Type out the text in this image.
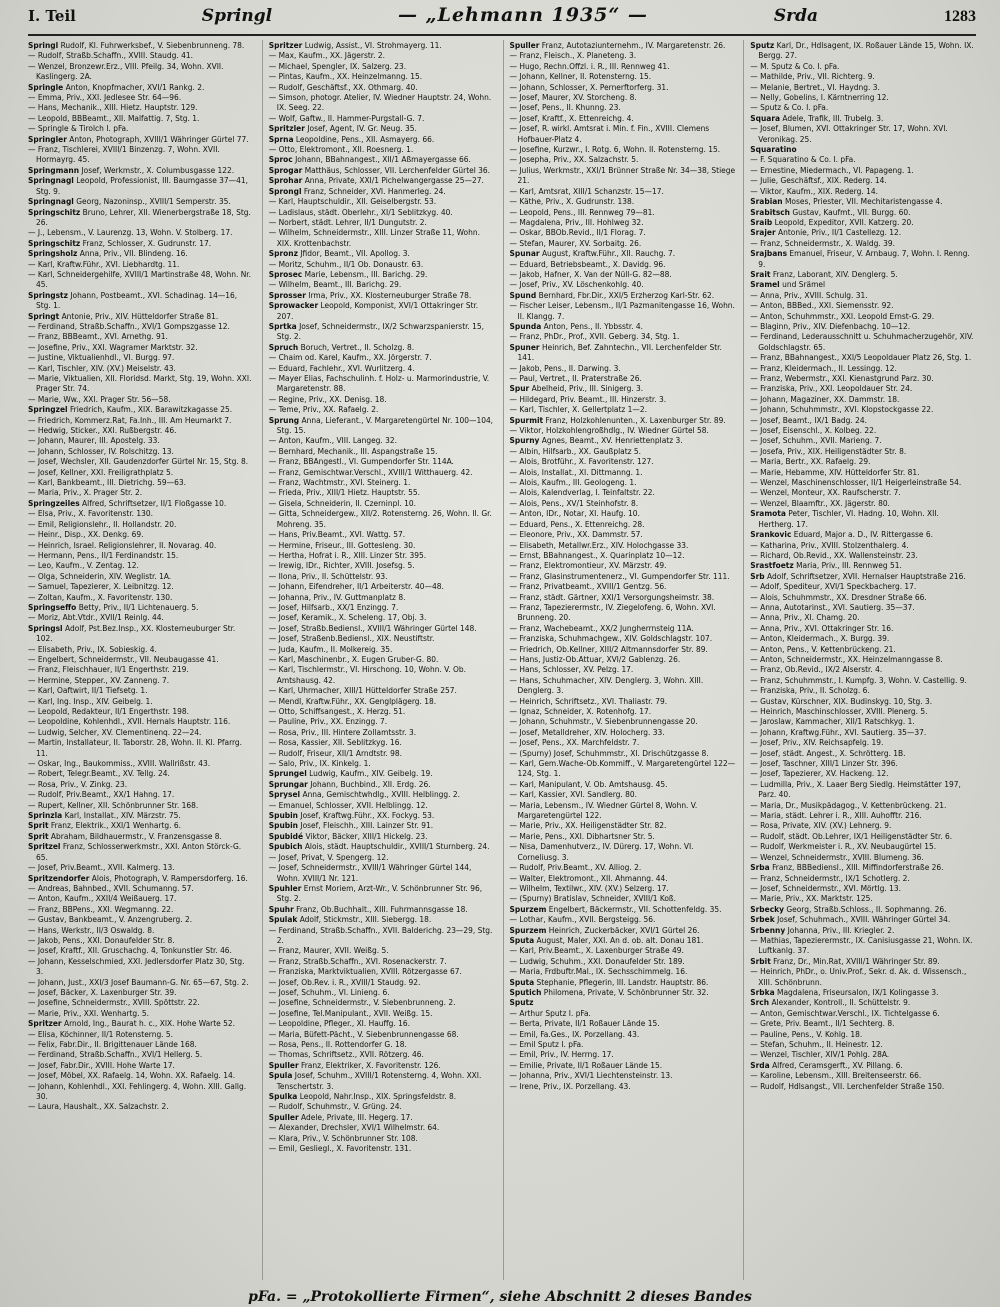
I. Teil	Springl	— „Lehmann 1935“ —	Srda	1283
Springl Rudolf, Kl. Fuhrwerksbef., V. Siebenbrunneng. 78.
— Rudolf, Straßb.Schaffn., XVIII. Staudg. 41.
— Wenzel, Bronzewr.Erz., VIII. Pfeilg. 34, Wohn. XVII. Kaslingerg. 2A.
Springle Anton, Knopfmacher, XVI/1 Rankg. 2.
— Emma, Priv., XXI. Jedlesee Str. 64—96.
— Hans, Mechanik., XIII. Hietz. Hauptstr. 129.
— Leopold, BBBeamt., XII. Malfattig. 7, Stg. 1.
— Springle & Tirolch I. pFa.
Springler Anton, Photograph, XVIII/1 Währinger Gürtel 77.
— Franz, Tischlerei, XVIII/1 Binzenzg. 7, Wohn. XVII. Hormayrg. 45.
Springmann Josef, Werkmstr., X. Columbusgasse 122.
Springnagl Leopold, Professionist, III. Baumgasse 37—41, Stg. 9.
Springnagl Georg, Nazoninsp., XVIII/1 Semperstr. 35.
Springschitz Bruno, Lehrer, XII. Wienerbergstraße 18, Stg. 26.
— J., Lebensm., V. Laurenzg. 13, Wohn. V. Stolberg. 17.
Springschitz Franz, Schlosser, X. Gudrunstr. 17.
Springsholz Anna, Priv., VII. Blindeng. 16.
— Karl, Kraftw.Führ., XVI. Liebhardtg. 11.
— Karl, Schneidergehilfe, XVIII/1 Martinstraße 48, Wohn. Nr. 45.
Springstz Johann, Postbeamt., XVI. Schadinag. 14—16, Stg. 1.
Springt Antonie, Priv., XIV. Hütteldorfer Straße 81.
— Ferdinand, Straßb.Schaffn., XVI/1 Gompszgasse 12.
— Franz, BBBeamt., XVI. Arnethg. 91.
— Josefine, Priv., XXI. Wagramer Marktstr. 32.
— Justine, Viktualienhdl., VI. Burgg. 97.
— Karl, Tischler, XIV. (XV.) Meiselstr. 43.
— Marie, Viktualien, XII. Floridsd. Markt, Stg. 19, Wohn. XXI. Prager Str. 74.
— Marie, Ww., XXI. Prager Str. 56—58.
Springzel Friedrich, Kaufm., XIX. Barawitzkagasse 25.
— Friedrich, Kommerz.Rat, Fa.Inh., III. Am Heumarkt 7.
— Hedwig, Sticker., XXI. Rußbergstr. 46.
— Johann, Maurer, III. Apostelg. 33.
— Johann, Schlosser, IV. Rolschitzg. 13.
— Josef, Wechsler, XII. Gaudenzdorfer Gürtel Nr. 15, Stg. 8.
— Josef, Kellner, XXI. Freiligrathplatz 5.
— Karl, Bankbeamt., III. Dietrichg. 59—63.
— Maria, Priv., X. Prager Str. 2.
Springzeiles Alfred, Schriftsetzer, II/1 Floßgasse 10.
— Elsa, Priv., X. Favoritenstr. 130.
— Emil, Religionslehr., II. Hollandstr. 20.
— Heinr., Disp., XX. Denkg. 69.
— Heinrich, Israel. Religionslehrer, II. Novarag. 40.
— Hermann, Pens., II/1 Ferdinandstr. 15.
— Leo, Kaufm., V. Zentag. 12.
— Olga, Schneiderin, XIV. Weglistr. 1A.
— Samuel, Tapezierer, X. Leibnitzg. 12.
— Zoltan, Kaufm., X. Favoritenstr. 130.
Springseffo Betty, Priv., II/1 Lichtenauerg. 5.
— Moriz, Abt.Vtdr., XVII/1 Reinlg. 44.
Springsl Adolf, Pst.Bez.Insp., XX. Klosterneuburger Str. 102.
— Elisabeth, Priv., IX. Sobieskig. 4.
— Engelbert, Schneidermstr., VII. Neubaugasse 41.
— Franz, Fleischhauer, II/1 Engerthstr. 219.
— Hermine, Stepper., XV. Zanneng. 7.
— Karl, Oaftwirt, II/1 Tiefsetg. 1.
— Karl, Ing. Insp., XIV. Geibelg. 1.
— Leopold, Redakteur, II/1 Engerthstr. 198.
— Leopoldine, Kohlenhdl., XVII. Hernals Hauptstr. 116.
— Ludwig, Selcher, XV. Clementinenq. 22—24.
— Martin, Installateur, II. Taborstr. 28, Wohn. II. Kl. Pfarrg. 11.
— Oskar, Ing., Baukommiss., XVIII. Wallrißstr. 43.
— Robert, Telegr.Beamt., XV. Tellg. 24.
— Rosa, Priv., V. Zinkg. 23.
— Rudolf, Priv.Beamt., XX/1 Hahng. 17.
— Rupert, Kellner, XII. Schönbrunner Str. 168.
Sprinzla Karl, Installat., XIV. Märzstr. 75.
Sprit Franz, Elektrik., XXI/1 Wenhartg. 6.
Sprit Abraham, Bildhauermstr., V. Franzensgasse 8.
Spritzel Franz, Schlosserwerkmstr., XXI. Anton Störck-G. 65.
— Josef, Priv.Beamt., XVII. Kalmerg. 13.
Spritzendorfer Alois, Photograph, V. Rampersdorferg. 16.
— Andreas, Bahnbed., XVII. Schumanng. 57.
— Anton, Kaufm., XXII/4 Weißauerg. 17.
— Franz, BBPens., XXI. Wegmanng. 22.
— Gustav, Bankbeamt., V. Anzengruberg. 2.
— Hans, Werkstr., II/3 Oswaldg. 8.
— Jakob, Pens., XXI. Donaufelder Str. 8.
— Josef, Kraftf., XII. Gruschachg. 4, Tonkunstler Str. 46.
— Johann, Kesselschmied, XXI. Jedlersdorfer Platz 30, Stg. 3.
— Johann, Just., XXI/3 Josef Baumann-G. Nr. 65—67, Stg. 2.
— Josef, Bäcker, X. Laxenburger Str. 39.
— Josefine, Schneidermstr., XVIII. Spöttstr. 22.
— Marie, Priv., XXI. Wenhartg. 5.
Spritzer Arnold, Ing., Baurat h. c., XIX. Hohe Warte 52.
— Elisa, Köchinner, II/1 Rotensterng. 5.
— Felix, Fabr.Dir., II. Brigittenauer Lände 168.
— Ferdinand, Straßb.Schaffn., XVI/1 Hellerg. 5.
— Josef, Fabr.Dir., XVIII. Hohe Warte 17.
— Josef, Möbel, XX. Rafaelg. 14, Wohn. XX. Rafaelg. 14.
— Johann, Kohlenhdl., XXI. Fehlingerg. 4, Wohn. XIII. Gallg. 30.
— Laura, Haushalt., XX. Salzachstr. 2.
Spritzer Ludwig, Assist., VI. Strohmayerg. 11.
— Max, Kaufm., XX. Jägerstr. 2.
— Michael, Spengler, IX. Salzerg. 23.
— Pintas, Kaufm., XX. Heinzelmanng. 15.
— Rudolf, Geschäftsf., XX. Othmarg. 40.
— Simson, photogr. Atelier, IV. Wiedner Hauptstr. 24, Wohn. IX. Seeg. 22.
— Wolf, Gaftw., II. Hammer-Purgstall-G. 7.
Spritzler Josef, Agent, IV. Gr. Neug. 35.
Sprna Leopoldine, Pens., XII. Asmayerg. 66.
— Otto, Elektromont., XII. Roesnerg. 1.
Sproc Johann, BBahnangest., XII/1 Aßmayergasse 66.
Sprogar Matthäus, Schlosser, VII. Lerchenfelder Gürtel 36.
Sprohar Anna, Private, XXI/1 Pichelwangergasse 25—27.
Sprongl Franz, Schneider, XVI. Hanmerleg. 24.
— Karl, Hauptschuldir., XII. Geiselbergstr. 53.
— Ladislaus, städt. Oberlehr., XI/1 Seblitzkyg. 40.
— Norbert, städt. Lehrer, II/1 Dungutstr. 2.
— Wilhelm, Schneidermstr., XIII. Linzer Straße 11, Wohn. XIX. Krottenbachstr.
Spronz Jfidor, Beamt., VII. Apollog. 3.
— Moritz, Schuhm., II/1 Ob. Donaustr. 63.
Sprosec Marie, Lebensm., III. Barichg. 29.
— Wilhelm, Beamt., III. Barichg. 29.
Sprosser Irma, Priv., XX. Klosterneuburger Straße 78.
Sprowacker Leopold, Komponist, XVI/1 Ottakringer Str. 207.
Sprtka Josef, Schneidermstr., IX/2 Schwarzspanierstr. 15, Stg. 2.
Spruch Boruch, Vertret., II. Scholzg. 8.
— Chaim od. Karel, Kaufm., XX. Jörgerstr. 7.
— Eduard, Fachlehr., XVI. Wurlitzerg. 4.
— Mayer Elias, Fachschulinh. f. Holz- u. Marmorindustrie, V. Margaretenstr. 88.
— Regine, Priv., XX. Denisg. 18.
— Teme, Priv., XX. Rafaelg. 2.
Sprung Anna, Lieferant., V. Margaretengürtel Nr. 100—104, Stg. 15.
— Anton, Kaufm., VIII. Langeg. 32.
— Bernhard, Mechanik., III. Aspangstraße 15.
— Franz, BBAngestl., VI. Gumpendorfer Str. 114A.
— Franz, Gemischtwar.Verschl., XVIII/1 Witthauerg. 42.
— Franz, Wachtmstr., XVI. Steinerg. 1.
— Frieda, Priv., XIII/1 Hietz. Hauptstr. 55.
— Gisela, Schneiderin, II. Czerninpl. 10.
— Gitta, Schneidergew., XII/2. Rotensterng. 26, Wohn. II. Gr. Mohreng. 35.
— Hans, Priv.Beamt., XVI. Wattg. 57.
— Hermine, Friseur., III. Gottesleng. 30.
— Hertha, Hofrat i. R., XIII. Linzer Str. 395.
— Irewig, IDr., Richter, XVIII. Josefsg. 5.
— Ilona, Priv., II. Schüttelstr. 93.
— Johann, Eifendreher, II/1 Arbeiterstr. 40—48.
— Johanna, Priv., IV. Guttmanplatz 8.
— Josef, Hilfsarb., XX/1 Enzingg. 7.
— Josef, Keramik., X. Scheleng. 17, Obj. 3.
— Josef, Straßb.Bediensl., XVIII/1 Währinger Gürtel 148.
— Josef, Straßenb.Bediensl., XIX. Neustiftstr.
— Juda, Kaufm., II. Molkereig. 35.
— Karl, Maschinenbr., X. Eugen Gruber-G. 80.
— Karl, Tischlermstr., VI. Hirschong. 10, Wohn. V. Ob. Amtshausg. 42.
— Karl, Uhrmacher, XIII/1 Hütteldorfer Straße 257.
— Mendl, Kraftw.Führ., XX. Genglplägerg. 18.
— Otto, Schiffsangest., X. Herzg. 51.
— Pauline, Priv., XX. Enzingg. 7.
— Rosa, Priv., III. Hintere Zollamtsstr. 3.
— Rosa, Kassier, XII. Seblitzkyg. 16.
— Rudolf, Friseur, XII/1 Arndtstr. 98.
— Salo, Priv., IX. Kinkelg. 1.
Sprungel Ludwig, Kaufm., XIV. Geibelg. 19.
Sprungar Johann, Buchbind., XII. Erdg. 26.
Sprysel Anna, Gemischtwhdlg., XVIII. Helblingg. 2.
— Emanuel, Schlosser, XVII. Helblingg. 12.
Spubin Josef, Kraftwg.Führ., XX. Fockyg. 53.
Spubin Josef, Fleischh., XIII. Lainzer Str. 91.
Spubidé Viktor, Bäcker, XIII/1 Hickelg. 23.
Spubich Alois, städt. Hauptschuldir., XVIII/1 Sturnberg. 24.
— Josef, Privat, V. Spengerg. 12.
— Josef, Schneidermstr., XVIII/1 Währinger Gürtel 144, Wohn. XVIII/1 Nr. 121.
Spuhler Ernst Moriem, Arzt-Wr., V. Schönbrunner Str. 96, Stg. 2.
Spuhr Franz, Ob.Buchhalt., XIII. Fuhrmannsgasse 18.
Spulak Adolf, Stickmstr., XIII. Siebergg. 18.
— Ferdinand, Straßb.Schaffn., XVII. Balderichg. 23—29, Stg. 2.
— Franz, Maurer, XVII. Weißg. 5.
— Franz, Straßb.Schaffn., XVI. Rosenackerstr. 7.
— Franziska, Marktviktualien, XVIII. Rötzergasse 67.
— Josef, Ob.Rev. i. R., XVIII/1 Staudg. 92.
— Josef, Schuhm., VI. Linieng. 6.
— Josefine, Schneidermstr., V. Siebenbrunneng. 2.
— Josefine, Tel.Manipulant., XVII. Weißg. 15.
— Leopoldine, Pfleger., XI. Hauffg. 16.
— Maria, Büfett-Pächt., V. Siebenbrunnengasse 68.
— Rosa, Pens., II. Rottendorfer G. 18.
— Thomas, Schriftsetz., XVII. Rötzerg. 46.
Spuller Franz, Elektriker, X. Favoritenstr. 126.
Spula Josef, Schuhm., XVIII/1 Rotensterng. 4, Wohn. XXI. Tenschertstr. 3.
Spulka Leopold, Nahr.Insp., XIX. Springsfeldstr. 8.
— Rudolf, Schuhmstr., V. Grüng. 24.
Spuller Adele, Private, III. Hegerg. 17.
— Alexander, Drechsler, XVI/1 Wilhelmstr. 64.
— Klara, Priv., V. Schönbrunner Str. 108.
— Emil, Gesliegl., X. Favoritenstr. 131.
Spuller Franz, Autotaziunternehm., IV. Margaretenstr. 26.
— Franz, Fleisch., X. Planeteng. 3.
— Hugo, Rechn.Offzl. i. R., III. Rennweg 41.
— Johann, Kellner, II. Rotensterng. 15.
— Johann, Schlosser, X. Pernerftorferg. 31.
— Josef, Maurer, XV. Storcheng. 8.
— Josef, Pens., II. Khunng. 23.
— Josef, Kraftf., X. Ettenreichg. 4.
— Josef, R. wirkl. Amtsrat i. Min. f. Fin., XVIII. Clemens Hofbauer-Platz 4.
— Josefine, Kurzwr., I. Rotg. 6, Wohn. II. Rotensterng. 15.
— Josepha, Priv., XX. Salzachstr. 5.
— Julius, Werkmstr., XXI/1 Brünner Straße Nr. 34—38, Stiege 21.
— Karl, Amtsrat, XIII/1 Schanzstr. 15—17.
— Käthe, Priv., X. Gudrunstr. 138.
— Leopold, Pens., III. Rennweg 79—81.
— Magdalena, Priv., III. Hohlweg 32.
— Oskar, BBOb.Revid., II/1 Florag. 7.
— Stefan, Maurer, XV. Sorbaitg. 26.
Spunar August, Kraftw.Führ., XII. Rauchg. 7.
— Eduard, Betriebsbeamt., X. Davidg. 96.
— Jakob, Hafner, X. Van der Nüll-G. 82—88.
— Josef, Priv., XV. Löschenkohlg. 40.
Spund Bernhard, Fbr.Dir., XXI/5 Erzherzog Karl-Str. 62.
— Fischer Leiser, Lebensm., II/1 Pazmanitengasse 16, Wohn. II. Klangg. 7.
Spunda Anton, Pens., II. Ybbsstr. 4.
— Franz, PhDr., Prof., XVII. Geberg. 34, Stg. 1.
Spuner Heinrich, Bef. Zahntechn., VII. Lerchenfelder Str. 141.
— Jakob, Pens., II. Darwing. 3.
— Paul, Vertret., II. Praterstraße 26.
Spur Abelheid, Priv., III. Sinigerg. 3.
— Hildegard, Priv. Beamt., III. Hinzerstr. 3.
— Karl, Tischler, X. Gellertplatz 1—2.
Spurmit Franz, Holzkohlenunten., X. Laxenburger Str. 89.
— Viktor, Holzkohlengroßhdlg., IV. Wiedner Gürtel 58.
Spurny Agnes, Beamt., XV. Henriettenplatz 3.
— Albin, Hilfsarb., XX. Gaußplatz 5.
— Alois, Brotführ., X. Favoritenstr. 127.
— Alois, Installat., XI. Dittmanng. 1.
— Alois, Kaufm., III. Geologeng. 1.
— Alois, Kalendverlag, I. Teinfaltstr. 22.
— Alois, Pens., XV/1 Steinhofstr. 8.
— Anton, IDr., Notar, XI. Haufg. 10.
— Eduard, Pens., X. Ettenreichg. 28.
— Eleonore, Priv., XX. Dammstr. 57.
— Elisabeth, Metallwr.Erz., XIV. Holochgasse 33.
— Ernst, BBahnangest., X. Quarinplatz 10—12.
— Franz, Elektromontieur, XV. Märzstr. 49.
— Franz, Glasinstrumentenerz., VI. Gumpendorfer Str. 111.
— Franz, Privatbeamt., XVIII/1 Gentzg. 56.
— Franz, städt. Gärtner, XXI/1 Versorgungsheimstr. 38.
— Franz, Tapezierermstr., IV. Ziegelofeng. 6, Wohn. XVI. Brunneng. 20.
— Franz, Wachebeamt., XX/2 Jungherrnsteig 11A.
— Franziska, Schuhmachgew., XIV. Goldschlagstr. 107.
— Friedrich, Ob.Kellner, XIII/2 Altmannsdorfer Str. 89.
— Hans, Justiz-Ob.Attuar, XVI/2 Gablenzg. 26.
— Hans, Schlosser, XV. Pelzg. 17.
— Hans, Schuhmacher, XIV. Denglerg. 3, Wohn. XIII. Denglerg. 3.
— Heinrich, Schriftsetz., XVI. Thaliastr. 79.
— Ignaz, Schneider, X. Rotenhofg. 17.
— Johann, Schuhmstr., V. Siebenbrunnengasse 20.
— Josef, Metalldreher, XIV. Holocherg. 33.
— Josef, Pens., XX. Marchfeldstr. 7.
— (Spurny) Josef, Schuhmmstr., XI. Drischützgasse 8.
— Karl, Gem.Wache-Ob.Kommiff., V. Margaretengürtel 122—124, Stg. 1.
— Karl, Manipulant, V. Ob. Amtshausg. 45.
— Karl, Kassier, XVI. Sandlerg. 80.
— Maria, Lebensm., IV. Wiedner Gürtel 8, Wohn. V. Margaretengürtel 122.
— Marie, Priv., XX. Heiligenstädter Str. 82.
— Marie, Pens., XXI. Dibhartsner Str. 5.
— Nisa, Damenhutverz., IV. Dürerg. 17, Wohn. VI. Corneliusg. 3.
— Rudolf, Priv.Beamt., XV. Alliog. 2.
— Walter, Elektromont., XII. Ahmanng. 44.
— Wilhelm, Textilwr., XIV. (XV.) Selzerg. 17.
— (Spurny) Bratislav, Schneider, XVIII/1 Koß.
Spurzem Engelbert, Bäckermstr., VII. Schottenfeldg. 35.
— Lothar, Kaufm., XVII. Bergsteigg. 56.
Spurzem Heinrich, Zuckerbäcker, XVI/1 Gürtel 26.
Sputa August, Maler, XXI. An d. ob. alt. Donau 181.
— Karl, Priv.Beamt., X. Laxenburger Straße 49.
— Ludwig, Schuhm., XXI. Donaufelder Str. 189.
— Maria, Frdbuftr.Mal., IX. Sechsschimmelg. 16.
Sputa Stephanie, Pflegerin, III. Landstr. Hauptstr. 86.
Sputich Philomena, Private, V. Schönbrunner Str. 32.
Sputz
— Arthur Sputz I. pFa.
— Berta, Private, II/1 Roßauer Lände 15.
— Emil, Fa.Ges., IX. Porzellang. 43.
— Emil Sputz I. pFa.
— Emil, Priv., IV. Herrng. 17.
— Emilie, Private, II/1 Roßauer Lände 15.
— Johanna, Priv., XVI/1 Liechtensteinstr. 13.
— Irene, Priv., IX. Porzellang. 43.
Sputz Karl, Dr., Hdlsagent, IX. Roßauer Lände 15, Wohn. IX. Bergg. 27.
— M. Sputz & Co. I. pFa.
— Mathilde, Priv., VII. Richterg. 9.
— Melanie, Bertret., VI. Haydng. 3.
— Nelly, Gobelins, I. Kärntnerring 12.
— Sputz & Co. I. pFa.
Squara Adele, Trafik, III. Trubelg. 3.
— Josef, Blumen, XVI. Ottakringer Str. 17, Wohn. XVI. Veronikag. 25.
Squaratino
— F. Squaratino & Co. I. pFa.
— Ernestine, Miedermach., VI. Papageng. 1.
— Julie, Geschäftsf., XIX. Rederg. 14.
— Viktor, Kaufm., XIX. Rederg. 14.
Srabian Moses, Priester, VII. Mechitaristengasse 4.
Srabitsch Gustav, Kaufmt., VII. Burgg. 60.
Sraib Leopold, Expeditor, XVII. Katzerg. 20.
Srajer Antonie, Priv., II/1 Castellezg. 12.
— Franz, Schneidermstr., X. Waldg. 39.
Srajbans Emanuel, Friseur, V. Arnbaug. 7, Wohn. I. Renng. 9.
Srait Franz, Laborant, XIV. Denglerg. 5.
Sramel und Srämel
— Anna, Priv., XVIII. Schulg. 31.
— Anton, BBBed., XXI. Siemensstr. 92.
— Anton, Schuhmmstr., XXI. Leopold Ernst-G. 29.
— Blaginn, Priv., XIV. Diefenbachg. 10—12.
— Ferdinand, Lederausschnitt u. Schuhmacherzugehör, XIV. Goldschlagstr. 65.
— Franz, BBahnangest., XXI/5 Leopoldauer Platz 26, Stg. 1.
— Franz, Kleidermach., II. Lessingg. 12.
— Franz, Webermstr., XXI. Kienastgrund Parz. 30.
— Franziska, Priv., XXI. Leopoldauer Str. 24.
— Johann, Magaziner, XX. Dammstr. 18.
— Johann, Schuhmmstr., XVI. Klopstockgasse 22.
— Josef, Beamt., IX/1 Badg. 24.
— Josef, Eisenschl., X. Kolbeg. 22.
— Josef, Schuhm., XVII. Marieng. 7.
— Josefa, Priv., XIX. Heiligenstädter Str. 8.
— Maria, Bertr., XX. Rafaelg. 29.
— Marie, Hebamme, XIV. Hütteldorfer Str. 81.
— Wenzel, Maschinenschlosser, II/1 Heigerleinstraße 54.
— Wenzel, Monteur, XX. Raufscherstr. 7.
— Wenzel, Blaamftr., XX. Jägerstr. 80.
Sramota Peter, Tischler, VI. Hadng. 10, Wohn. XII. Hertherg. 17.
Srankovic Eduard, Major a. D., IV. Rittergasse 6.
— Katharina, Priv., XVIII. Stolzenthalerg. 4.
— Richard, Ob.Revid., XX. Wallensteinstr. 23.
Srastfoetz Maria, Priv., III. Rennweg 51.
Srb Adolf, Schriftsetzer, XVII. Hernalser Hauptstraße 216.
— Adolf, Spediteur, XVI/1 Speckbacherg. 17.
— Alois, Schuhmmstr., XX. Dresdner Straße 66.
— Anna, Autotarinst., XVI. Sautierg. 35—37.
— Anna, Priv., XI. Chamg. 20.
— Anna, Priv., XVI. Ottakringer Str. 16.
— Anton, Kleidermach., X. Burgg. 39.
— Anton, Pens., V. Kettenbrückeng. 21.
— Anton, Schneidermstr., XX. Heinzelmanngasse 8.
— Franz, Ob.Revid., IX/2 Alserstr. 4.
— Franz, Schuhmmstr., I. Kumpfg. 3, Wohn. V. Castellig. 9.
— Franziska, Priv., II. Scholzg. 6.
— Gustav, Kürschner, XIX. Budinskyg. 10, Stg. 3.
— Heinrich, Maschinschlosser, XVIII. Plenerg. 5.
— Jaroslaw, Kammacher, XII/1 Ratschkyg. 1.
— Johann, Kraftwg.Führ., XVI. Sautierg. 35—37.
— Josef, Priv., XIV. Reichsapfelg. 19.
— Josef, städt. Angest., X. Schrötterg. 1B.
— Josef, Taschner, XIII/1 Linzer Str. 396.
— Josef, Tapezierer, XV. Hackeng. 12.
— Ludmilla, Priv., X. Laaer Berg Siedlg. Heimstätter 197, Parz. 40.
— Maria, Dr., Musikpädagog., V. Kettenbrückeng. 21.
— Maria, städt. Lehrer i. R., XIII. Auhofftr. 216.
— Rosa, Private, XIV. (XV.) Lehnerg. 9.
— Rudolf, städt. Ob.Lehrer, IX/1 Heiligenstädter Str. 6.
— Rudolf, Werkmeister i. R., XV. Neubaugürtel 15.
— Wenzel, Schneidermstr., XVIII. Blumeng. 36.
Srba Franz, BBBediensl., XIII. Miffindorferstraße 26.
— Franz, Schneidermstr., IX/1 Schotlerg. 2.
— Josef, Schneidermstr., XVI. Mörtlg. 13.
— Marie, Priv., XX. Marktstr. 125.
Srbecky Georg, Straßb.Schloss., II. Sophmanng. 26.
Srbek Josef, Schuhmach., XVIII. Währinger Gürtel 34.
Srbenny Johanna, Priv., III. Kriegler. 2.
— Mathias, Tapezierermstr., IX. Canisiusgasse 21, Wohn. IX. Luftkanlg. 37.
Srbit Franz, Dr., Min.Rat, XVIII/1 Währinger Str. 89.
— Heinrich, PhDr., o. Univ.Prof., Sekr. d. Ak. d. Wissensch., XIII. Schönbrunn.
Srbka Magdalena, Friseursalon, IX/1 Kolingasse 3.
Srch Alexander, Kontroll., II. Schüttelstr. 9.
— Anton, Gemischtwar.Verschl., IX. Tichtelgasse 6.
— Grete, Priv. Beamt., II/1 Sechterg. 8.
— Pauline, Pens., V. Kohlg. 18.
— Stefan, Schuhm., II. Heinestr. 12.
— Wenzel, Tischler, XIV/1 Pohlg. 28A.
Srda Alfred, Ceramsgerft., XV. Pillang. 6.
— Karoline, Lebensm., XIII. Breitenseerstr. 66.
— Rudolf, Hdlsangst., VII. Lerchenfelder Straße 150.
pFa. = „Protokollierte Firmen“, siehe Abschnitt 2 dieses Bandes
